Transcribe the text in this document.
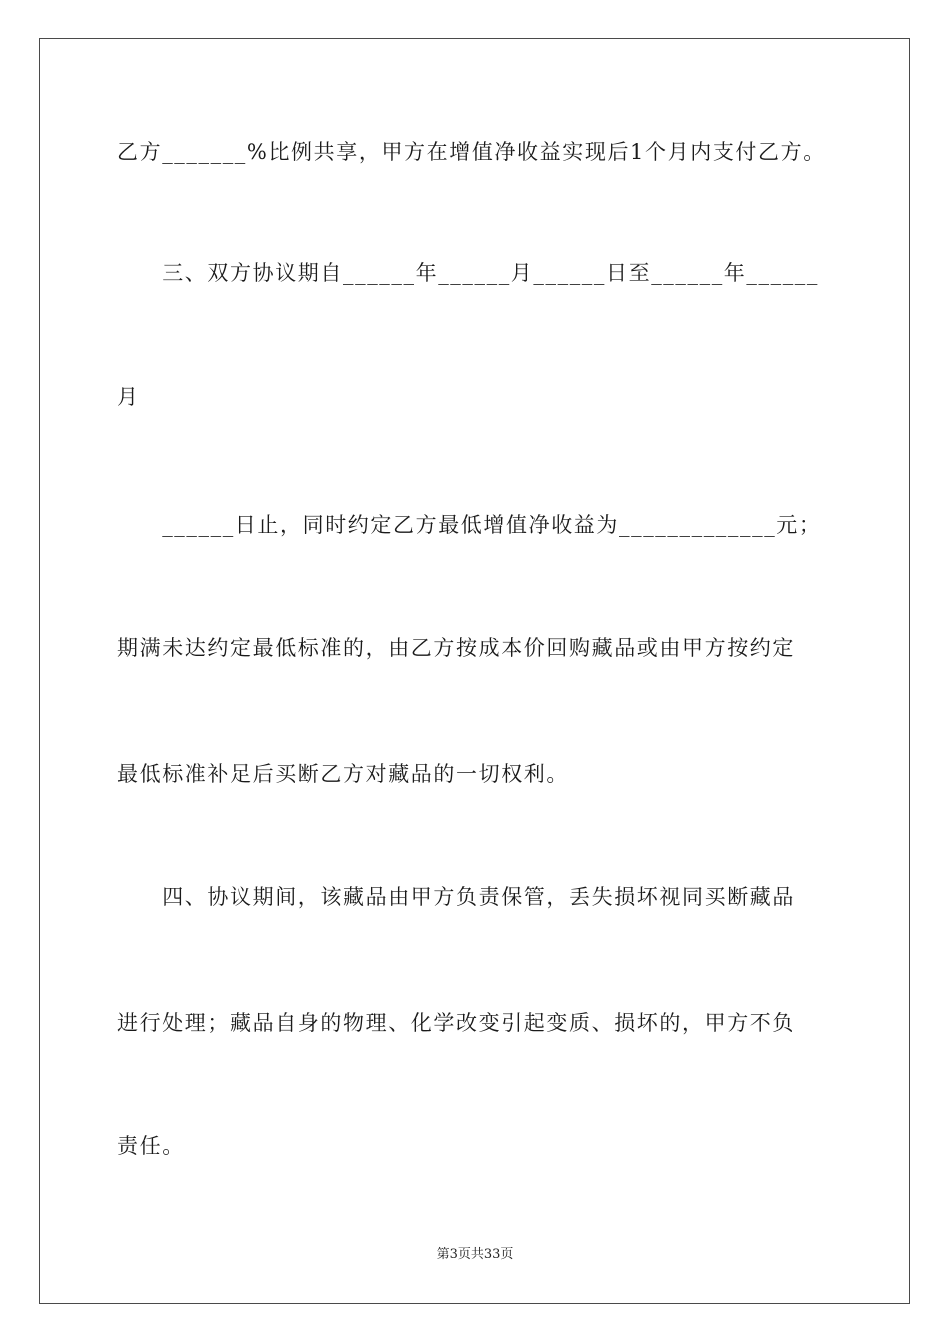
乙方_______%比例共享，甲方在增值净收益实现后1个月内支付乙方。
　　三、双方协议期自______年______月______日至______年______
月
　　______日止，同时约定乙方最低增值净收益为_____________元；
期满未达约定最低标准的，由乙方按成本价回购藏品或由甲方按约定
最低标准补足后买断乙方对藏品的一切权利。
　　四、协议期间，该藏品由甲方负责保管，丢失损坏视同买断藏品
进行处理；藏品自身的物理、化学改变引起变质、损坏的，甲方不负
责任。
第3页共33页
